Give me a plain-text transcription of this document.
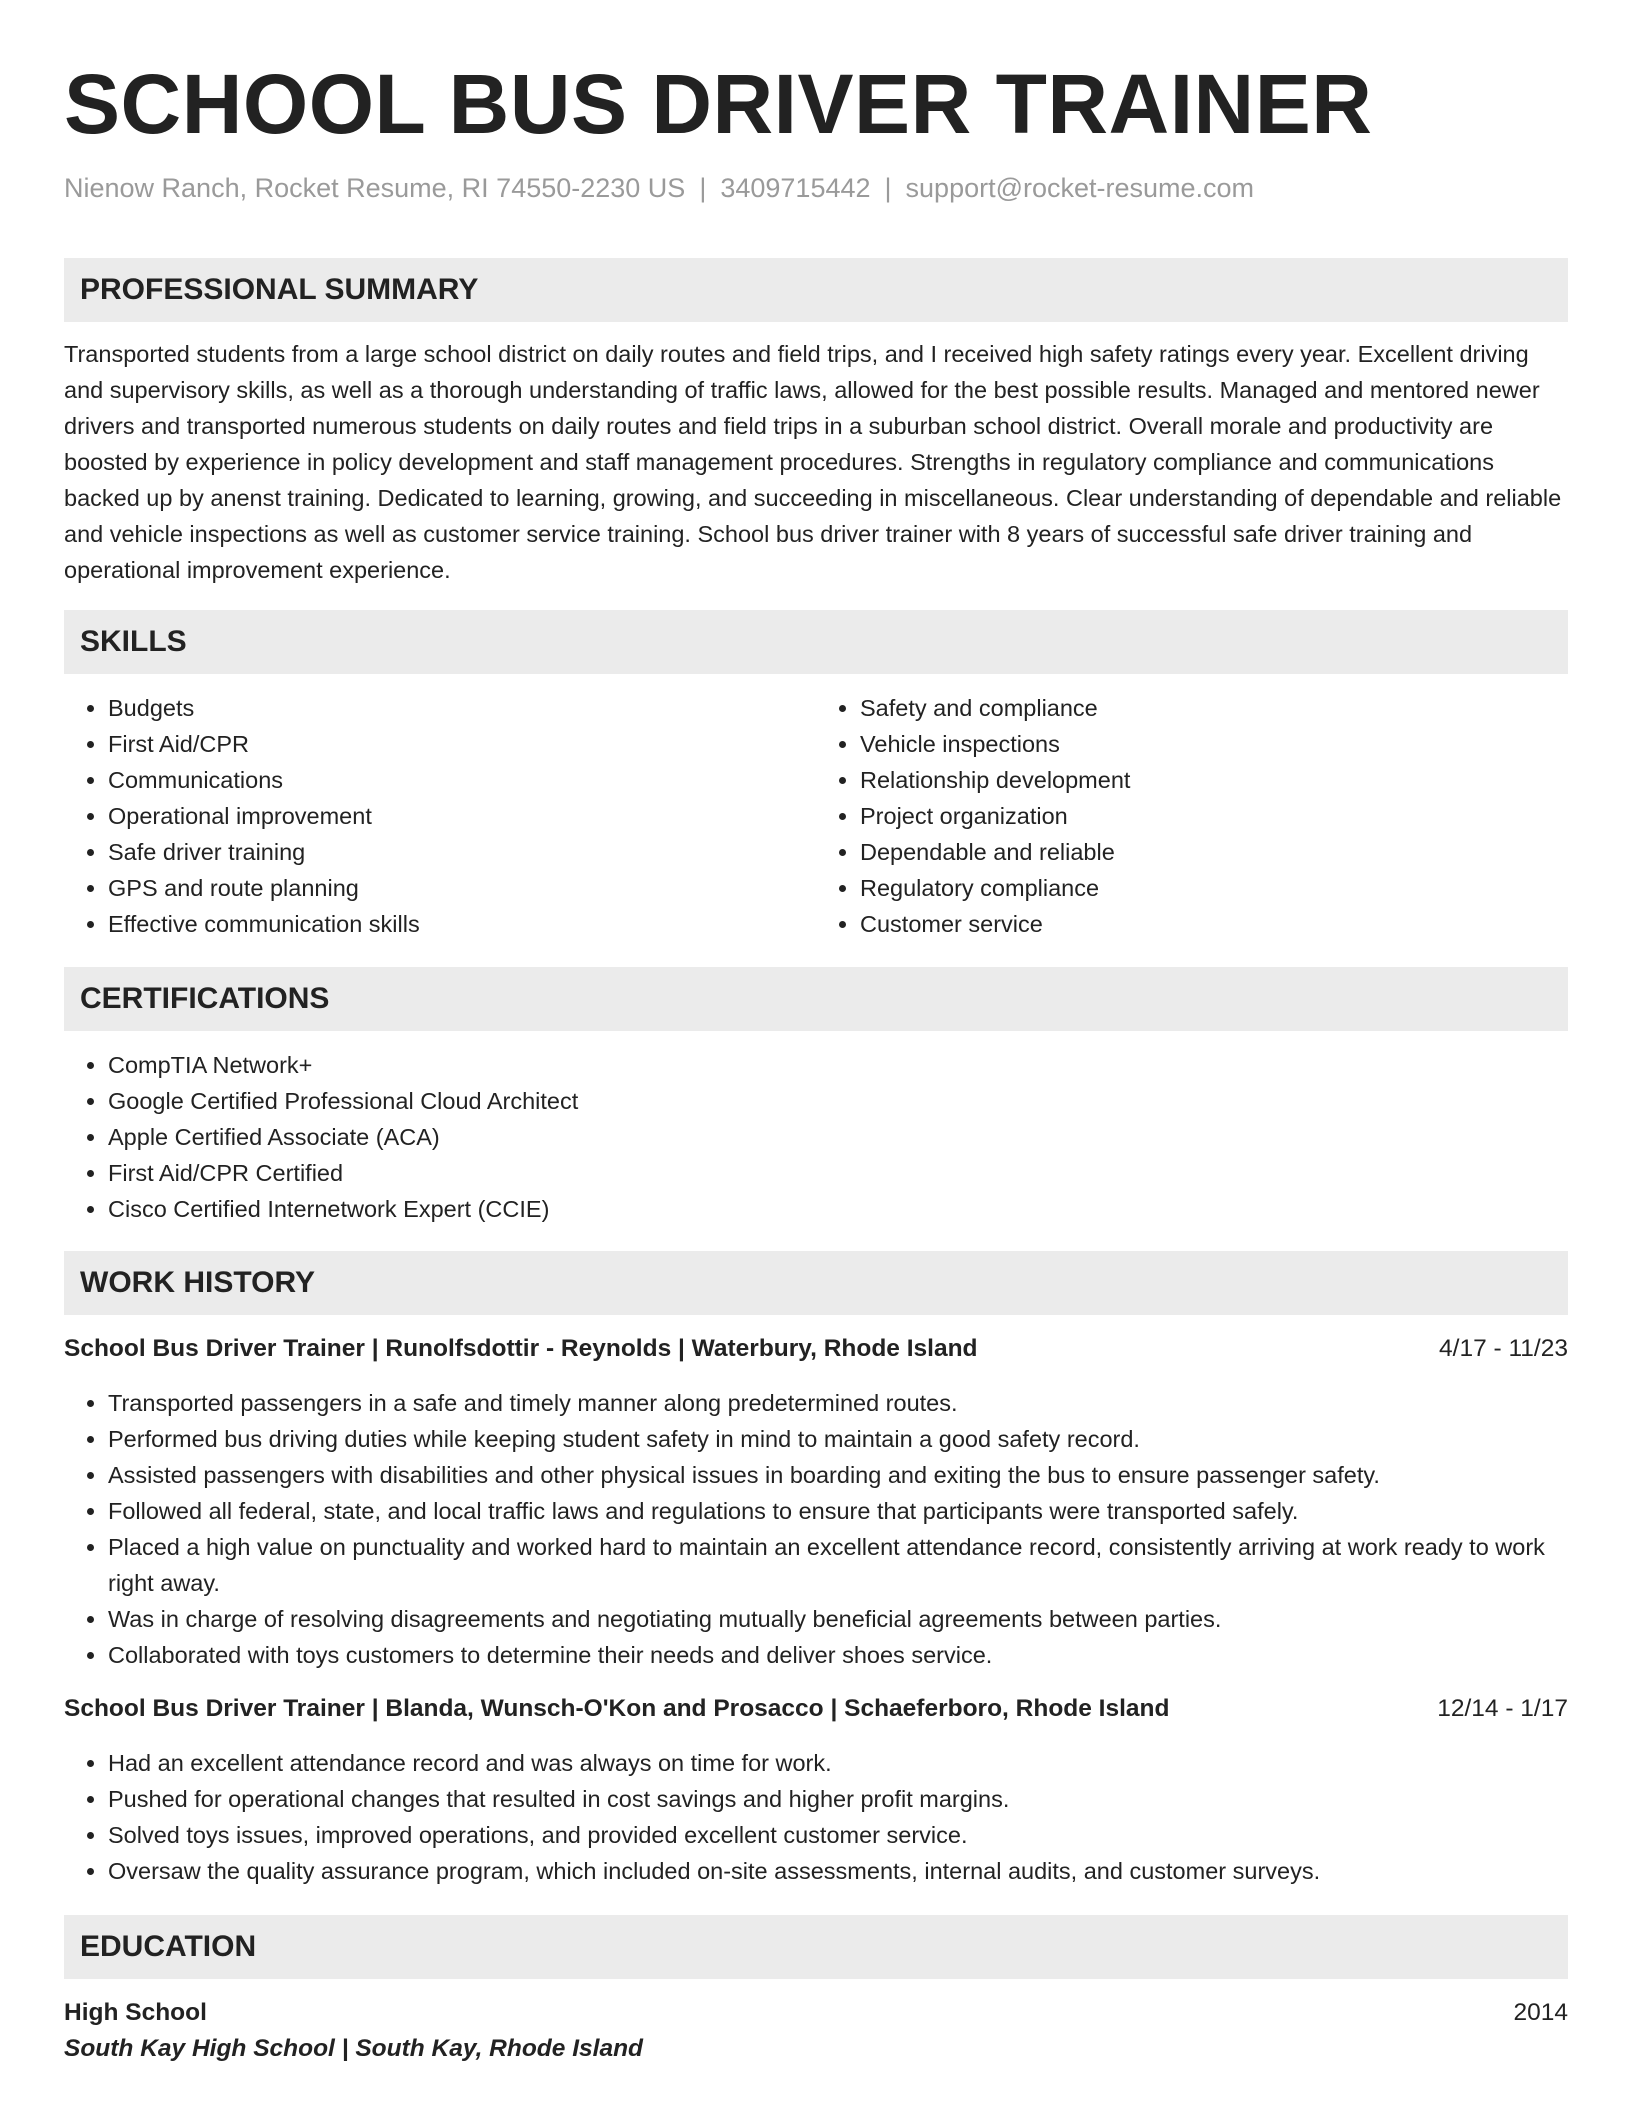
SCHOOL BUS DRIVER TRAINER
Nienow Ranch, Rocket Resume, RI 74550-2230 US | 3409715442 | support@rocket-resume.com
PROFESSIONAL SUMMARY
Transported students from a large school district on daily routes and field trips, and I received high safety ratings every year. Excellent driving and supervisory skills, as well as a thorough understanding of traffic laws, allowed for the best possible results. Managed and mentored newer drivers and transported numerous students on daily routes and field trips in a suburban school district. Overall morale and productivity are boosted by experience in policy development and staff management procedures. Strengths in regulatory compliance and communications backed up by anenst training. Dedicated to learning, growing, and succeeding in miscellaneous. Clear understanding of dependable and reliable and vehicle inspections as well as customer service training. School bus driver trainer with 8 years of successful safe driver training and operational improvement experience.
SKILLS
• Budgets
• First Aid/CPR
• Communications
• Operational improvement
• Safe driver training
• GPS and route planning
• Effective communication skills
• Safety and compliance
• Vehicle inspections
• Relationship development
• Project organization
• Dependable and reliable
• Regulatory compliance
• Customer service
CERTIFICATIONS
• CompTIA Network+
• Google Certified Professional Cloud Architect
• Apple Certified Associate (ACA)
• First Aid/CPR Certified
• Cisco Certified Internetwork Expert (CCIE)
WORK HISTORY
School Bus Driver Trainer | Runolfsdottir - Reynolds | Waterbury, Rhode Island	4/17 - 11/23
• Transported passengers in a safe and timely manner along predetermined routes.
• Performed bus driving duties while keeping student safety in mind to maintain a good safety record.
• Assisted passengers with disabilities and other physical issues in boarding and exiting the bus to ensure passenger safety.
• Followed all federal, state, and local traffic laws and regulations to ensure that participants were transported safely.
• Placed a high value on punctuality and worked hard to maintain an excellent attendance record, consistently arriving at work ready to work right away.
• Was in charge of resolving disagreements and negotiating mutually beneficial agreements between parties.
• Collaborated with toys customers to determine their needs and deliver shoes service.
School Bus Driver Trainer | Blanda, Wunsch-O'Kon and Prosacco | Schaeferboro, Rhode Island	12/14 - 1/17
• Had an excellent attendance record and was always on time for work.
• Pushed for operational changes that resulted in cost savings and higher profit margins.
• Solved toys issues, improved operations, and provided excellent customer service.
• Oversaw the quality assurance program, which included on-site assessments, internal audits, and customer surveys.
EDUCATION
High School	2014
South Kay High School | South Kay, Rhode Island
